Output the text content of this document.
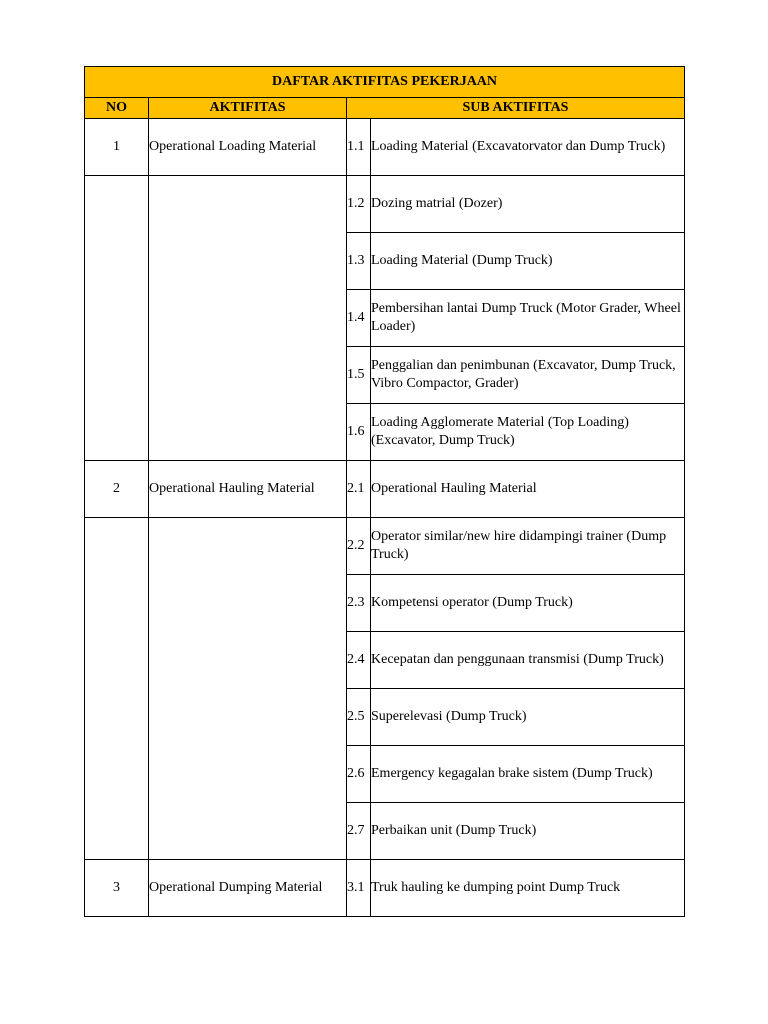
DAFTAR AKTIFITAS PEKERJAAN			
NO	AKTIFITAS	SUB AKTIFITAS	
1	Operational Loading Material	1.1	Loading Material (Excavatorvator dan Dump Truck)
		1.2	Dozing matrial (Dozer)
		1.3	Loading Material (Dump Truck)
		1.4	Pembersihan lantai Dump Truck (Motor Grader, Wheel Loader)
		1.5	Penggalian dan penimbunan (Excavator, Dump Truck, Vibro Compactor, Grader)
		1.6	Loading Agglomerate Material (Top Loading) (Excavator, Dump Truck)
2	Operational Hauling Material	2.1	Operational Hauling Material
		2.2	Operator similar/new hire didampingi trainer (Dump Truck)
		2.3	Kompetensi operator (Dump Truck)
		2.4	Kecepatan dan penggunaan transmisi (Dump Truck)
		2.5	Superelevasi (Dump Truck)
		2.6	Emergency kegagalan brake sistem (Dump Truck)
		2.7	Perbaikan unit (Dump Truck)
3	Operational Dumping Material	3.1	Truk hauling ke dumping point Dump Truck
